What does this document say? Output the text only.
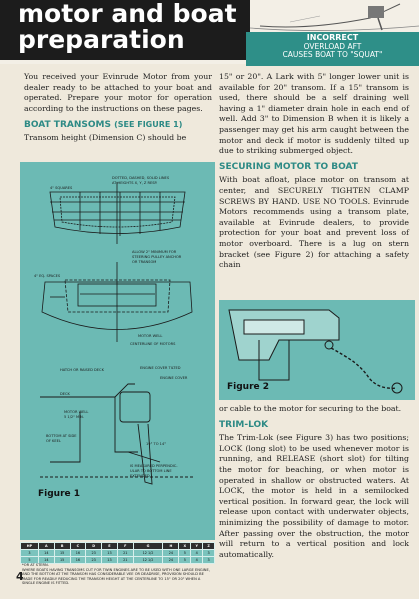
motor and boat
preparation	INCORRECT
OVERLOAD AFT
CAUSES BOAT TO "SQUAT"

You received your Evinrude Motor from your dealer ready to be attached to your boat and operated. Prepare your motor for operation according to the instructions on these pages.

BOAT TRANSOMS (SEE FIGURE 1)

Transom height (Dimension C) should be

DOTTED, DASHED, SOLID LINES
AT HEIGHTS X, Y, Z RESP.
4" SQUARES
ALLOW 2" MINIMUM FOR
STEERING PULLEY ANCHOR
OR TRANSOM
4" EQ. SPACES
MOTOR WELL
CENTERLINE OF MOTORS
HATCH OR RAISED DECK	ENGINE COVER TILTED
ENGINE COVER
DECK
MOTOR WELL
5 1/2" MIN.
BOTTOM AT SIDE
OF KEEL
19° TO 14°
IS MEASURED PERPENDIC-
ULAR TO BOTTOM LINE
EXTENDED.
Figure 1
HP	A	B	C	D	E	F	G	H	X	Y	Z
3	14	15	16	23	13	21	12 1/2	24	5	4	3
5	14	15	16	23	13	21	12 1/2	24	5	4	3
*OR AT STERN.
WHERE BOATS HAVING TRANSOMS CUT FOR TWIN ENGINES ARE TO BE USED WITH ONE LARGE ENGINE, AND THE BOTTOM AT THE TRANSOM HAS CONSIDERABLE VEE OR DEADRISE, PROVISION SHOULD BE MADE FOR READILY REDUCING THE TRANSOM HEIGHT AT THE CENTERLINE TO 15" OR 20" WHEN A SINGLE ENGINE IS FITTED.
4

15" or 20". A Lark with 5" longer lower unit is available for 20" transom. If a 15" transom is used, there should be a self draining well having a 1" diameter drain hole in each end of well. Add 3" to Dimension B when it is likely a passenger may get his arm caught between the motor and deck if motor is suddenly tilted up due to striking submerged object.

SECURING MOTOR TO BOAT

With boat afloat, place motor on transom at center, and SECURELY TIGHTEN CLAMP SCREWS BY HAND. USE NO TOOLS. Evinrude Motors recommends using a transom plate, available at Evinrude dealers, to provide protection for your boat and prevent loss of motor overboard. There is a lug on stern bracket (see Figure 2) for attaching a safety chain

Figure 2

or cable to the motor for securing to the boat.

TRIM-LOK

The Trim-Lok (see Figure 3) has two positions; LOCK (long slot) to be used whenever motor is running, and RELEASE (short slot) for tilting the motor for beaching, or when motor is operated in shallow or obstructed waters. At LOCK, the motor is held in a semilocked vertical position. In forward gear, the lock will release upon contact with underwater objects, minimizing the possibility of damage to motor. After passing over the obstruction, the motor will return to a vertical position and lock automatically.
